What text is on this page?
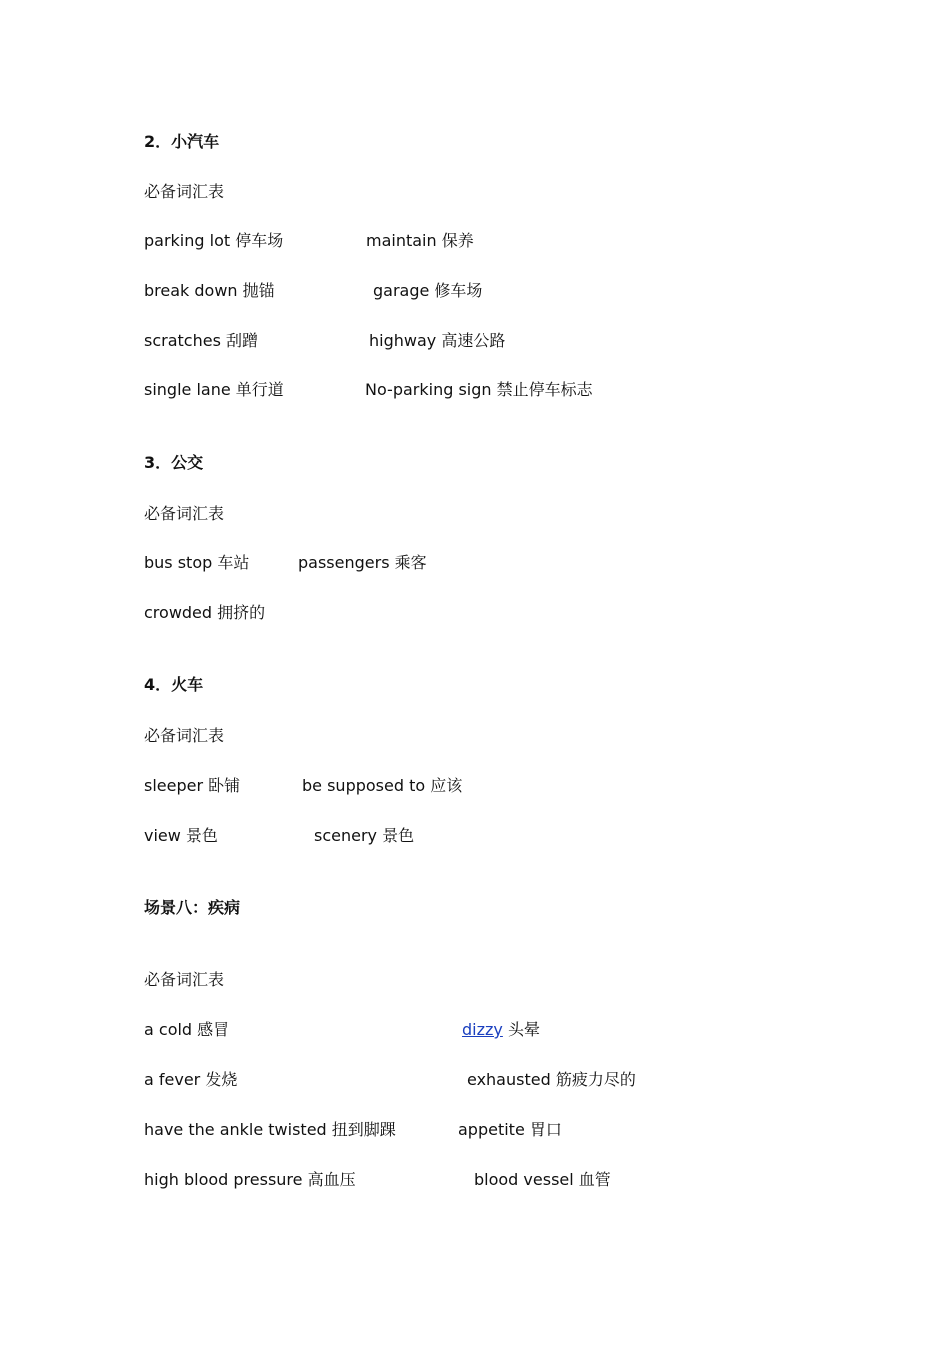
2．小汽车
必备词汇表
parking lot 停车场	maintain 保养
break down 抛锚	garage 修车场
scratches 刮蹭	highway 高速公路
single lane 单行道	No-parking sign 禁止停车标志
3．公交
必备词汇表
bus stop 车站	passengers 乘客
crowded 拥挤的
4．火车
必备词汇表
sleeper 卧铺	be supposed to 应该
view 景色	scenery 景色
场景八：疾病
必备词汇表
a cold 感冒	dizzy 头晕
a fever 发烧	exhausted 筋疲力尽的
have the ankle twisted 扭到脚踝	appetite 胃口
high blood pressure 高血压	blood vessel 血管
